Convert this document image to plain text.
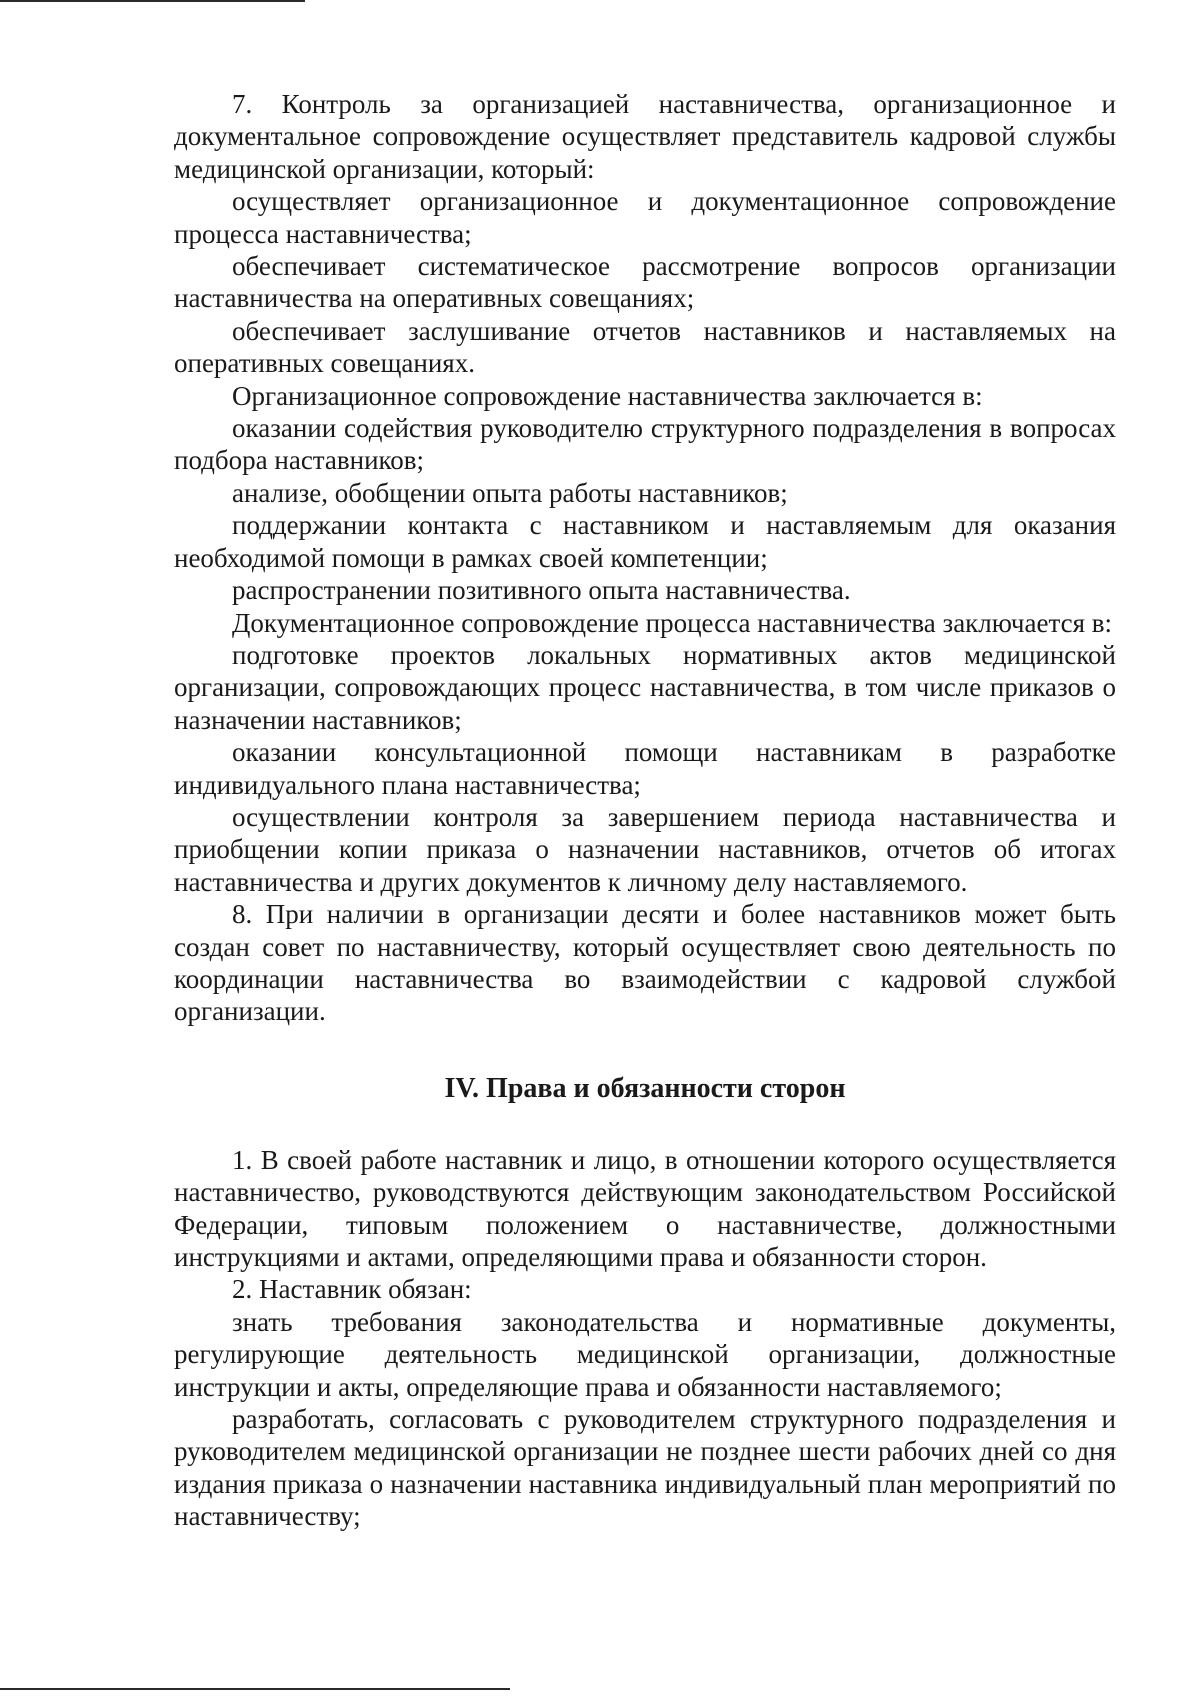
7. Контроль за организацией наставничества, организационное и документальное сопровождение осуществляет представитель кадровой службы медицинской организации, который:

осуществляет организационное и документационное сопровождение процесса наставничества;

обеспечивает систематическое рассмотрение вопросов организации наставничества на оперативных совещаниях;

обеспечивает заслушивание отчетов наставников и наставляемых на оперативных совещаниях.

Организационное сопровождение наставничества заключается в:

оказании содействия руководителю структурного подразделения в вопросах подбора наставников;

анализе, обобщении опыта работы наставников;

поддержании контакта с наставником и наставляемым для оказания необходимой помощи в рамках своей компетенции;

распространении позитивного опыта наставничества.

Документационное сопровождение процесса наставничества заключается в:

подготовке проектов локальных нормативных актов медицинской организации, сопровождающих процесс наставничества, в том числе приказов о назначении наставников;

оказании консультационной помощи наставникам в разработке индивидуального плана наставничества;

осуществлении контроля за завершением периода наставничества и приобщении копии приказа о назначении наставников, отчетов об итогах наставничества и других документов к личному делу наставляемого.

8. При наличии в организации десяти и более наставников может быть создан совет по наставничеству, который осуществляет свою деятельность по координации наставничества во взаимодействии с кадровой службой организации.

IV. Права и обязанности сторон

1. В своей работе наставник и лицо, в отношении которого осуществляется наставничество, руководствуются действующим законодательством Российской Федерации, типовым положением о наставничестве, должностными инструкциями и актами, определяющими права и обязанности сторон.

2. Наставник обязан:

знать требования законодательства и нормативные документы, регулирующие деятельность медицинской организации, должностные инструкции и акты, определяющие права и обязанности наставляемого;

разработать, согласовать с руководителем структурного подразделения и руководителем медицинской организации не позднее шести рабочих дней со дня издания приказа о назначении наставника индивидуальный план мероприятий по наставничеству;
